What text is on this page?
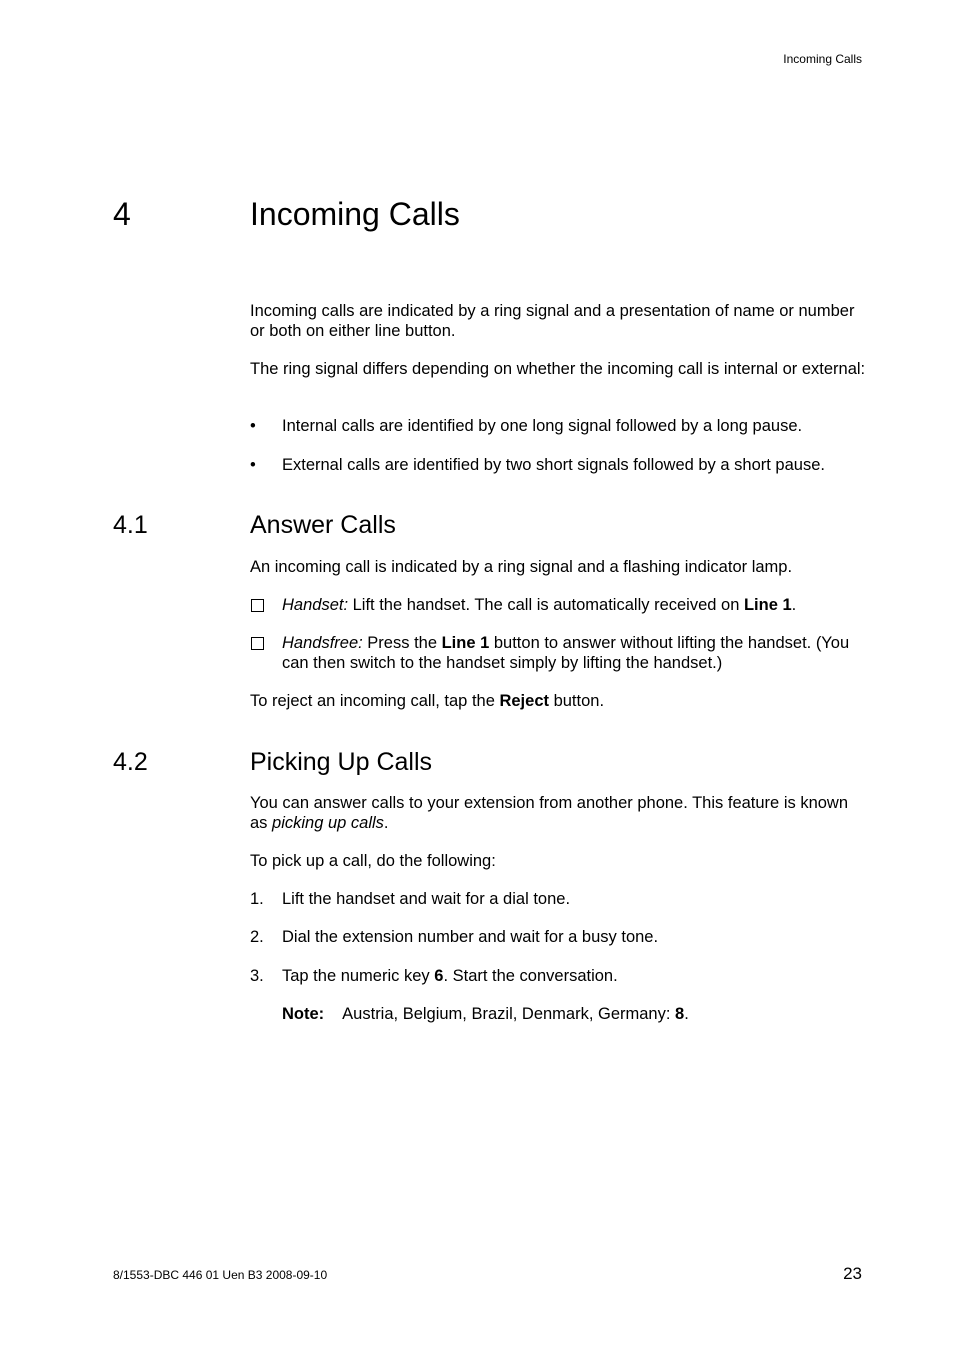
Incoming Calls
4	Incoming Calls
Incoming calls are indicated by a ring signal and a presentation of name or number or both on either line button.
The ring signal differs depending on whether the incoming call is internal or external:
• Internal calls are identified by one long signal followed by a long pause.
• External calls are identified by two short signals followed by a short pause.
4.1	Answer Calls
An incoming call is indicated by a ring signal and a flashing indicator lamp.
Handset: Lift the handset. The call is automatically received on Line 1.
Handsfree: Press the Line 1 button to answer without lifting the handset. (You can then switch to the handset simply by lifting the handset.)
To reject an incoming call, tap the Reject button.
4.2	Picking Up Calls
You can answer calls to your extension from another phone. This feature is known as picking up calls.
To pick up a call, do the following:
1. Lift the handset and wait for a dial tone.
2. Dial the extension number and wait for a busy tone.
3. Tap the numeric key 6. Start the conversation.
Note: Austria, Belgium, Brazil, Denmark, Germany: 8.
8/1553-DBC 446 01 Uen B3 2008-09-10	23
